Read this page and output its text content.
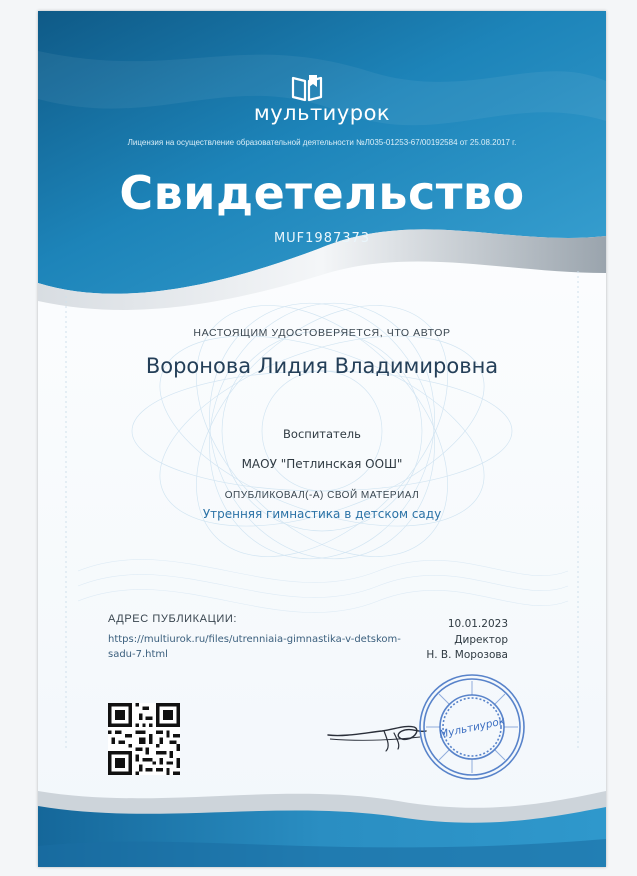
мультиурок
Лицензия на осуществление образовательной деятельности №Л035-01253-67/00192584 от 25.08.2017 г.
Свидетельство
MUF1987373
НАСТОЯЩИМ УДОСТОВЕРЯЕТСЯ, ЧТО АВТОР
Воронова Лидия Владимировна
Воспитатель
МАОУ "Петлинская ООШ"
ОПУБЛИКОВАЛ(-А) СВОЙ МАТЕРИАЛ
Утренняя гимнастика в детском саду
АДРЕС ПУБЛИКАЦИИ:
https://multiurok.ru/files/utrenniaia-gimnastika-v-detskom-sadu-7.html
10.01.2023
Директор
Н. В. Морозова
Мультиурок
